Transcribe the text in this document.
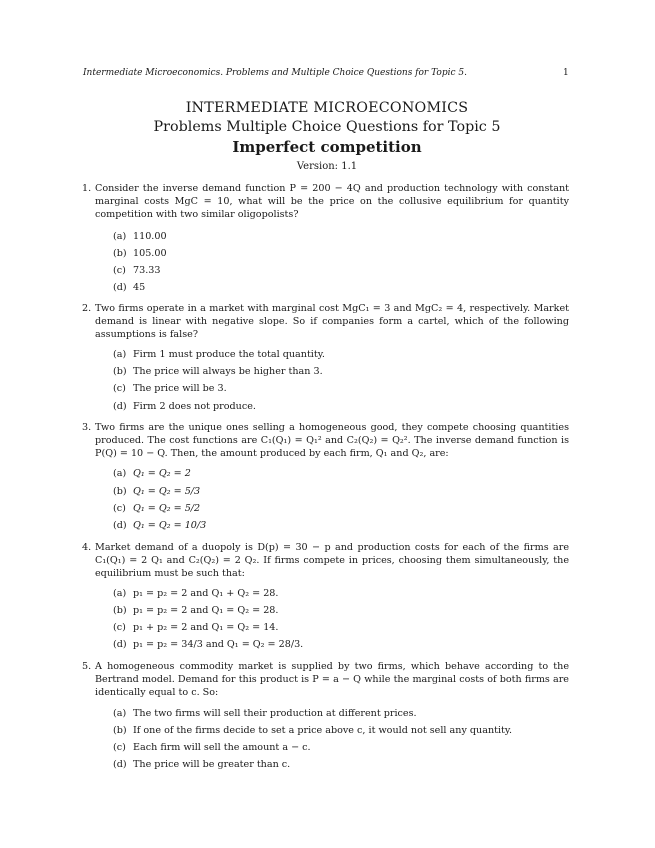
Intermediate Microeconomics. Problems and Multiple Choice Questions for Topic 5.	1
INTERMEDIATE MICROECONOMICS
Problems Multiple Choice Questions for Topic 5
Imperfect competition
Version: 1.1
1. Consider the inverse demand function P = 200 − 4Q and production technology with constant marginal costs MgC = 10, what will be the price on the collusive equilibrium for quantity competition with two similar oligopolists?
(a) 110.00
(b) 105.00
(c) 73.33
(d) 45
2. Two firms operate in a market with marginal cost MgC₁ = 3 and MgC₂ = 4, respectively. Market demand is linear with negative slope. So if companies form a cartel, which of the following assumptions is false?
(a) Firm 1 must produce the total quantity.
(b) The price will always be higher than 3.
(c) The price will be 3.
(d) Firm 2 does not produce.
3. Two firms are the unique ones selling a homogeneous good, they compete choosing quantities produced. The cost functions are C₁(Q₁) = Q₁² and C₂(Q₂) = Q₂². The inverse demand function is P(Q) = 10 − Q. Then, the amount produced by each firm, Q₁ and Q₂, are:
(a) Q₁ = Q₂ = 2
(b) Q₁ = Q₂ = 5/3
(c) Q₁ = Q₂ = 5/2
(d) Q₁ = Q₂ = 10/3
4. Market demand of a duopoly is D(p) = 30 − p and production costs for each of the firms are C₁(Q₁) = 2 Q₁ and C₂(Q₂) = 2 Q₂. If firms compete in prices, choosing them simultaneously, the equilibrium must be such that:
(a) p₁ = p₂ = 2 and Q₁ + Q₂ = 28.
(b) p₁ = p₂ = 2 and Q₁ = Q₂ = 28.
(c) p₁ + p₂ = 2 and Q₁ = Q₂ = 14.
(d) p₁ = p₂ = 34/3 and Q₁ = Q₂ = 28/3.
5. A homogeneous commodity market is supplied by two firms, which behave according to the Bertrand model. Demand for this product is P = a − Q while the marginal costs of both firms are identically equal to c. So:
(a) The two firms will sell their production at different prices.
(b) If one of the firms decide to set a price above c, it would not sell any quantity.
(c) Each firm will sell the amount a − c.
(d) The price will be greater than c.
